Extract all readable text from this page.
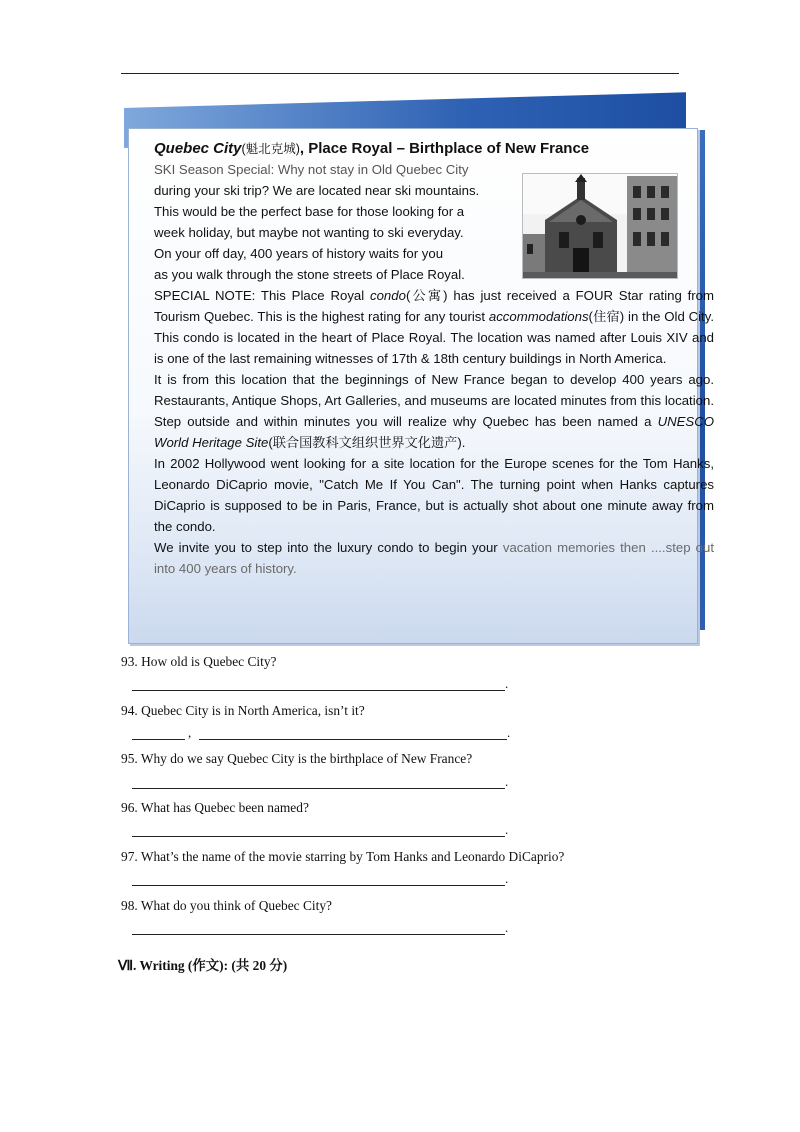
Quebec City(魁北克城), Place Royal – Birthplace of New France
SKI Season Special: Why not stay in Old Quebec City
during your ski trip? We are located near ski mountains.
This would be the perfect base for those looking for a
week holiday, but maybe not wanting to ski everyday.
On your off day, 400 years of history waits for you
as you walk through the stone streets of Place Royal.
SPECIAL NOTE: This Place Royal condo(公寓) has just received a FOUR Star rating from Tourism Quebec. This is the highest rating for any tourist accommodations(住宿) in the Old City. This condo is located in the heart of Place Royal. The location was named after Louis XIV and is one of the last remaining witnesses of 17th & 18th century buildings in North America.
It is from this location that the beginnings of New France began to develop 400 years ago. Restaurants, Antique Shops, Art Galleries, and museums are located minutes from this location. Step outside and within minutes you will realize why Quebec has been named a UNESCO World Heritage Site(联合国教科文组织世界文化遗产).
In 2002 Hollywood went looking for a site location for the Europe scenes for the Tom Hanks, Leonardo DiCaprio movie, "Catch Me If You Can". The turning point when Hanks captures DiCaprio is supposed to be in Paris, France, but is actually shot about one minute away from the condo.
We invite you to step into the luxury condo to begin your vacation memories then ....step out into 400 years of history.
93. How old is Quebec City?
.
94. Quebec City is in North America, isn’t it?
,	.
95. Why do we say Quebec City is the birthplace of New France?
.
96. What has Quebec been named?
.
97. What’s the name of the movie starring by Tom Hanks and Leonardo DiCaprio?
.
98. What do you think of Quebec City?
.
Ⅶ. Writing (作文): (共 20 分)
